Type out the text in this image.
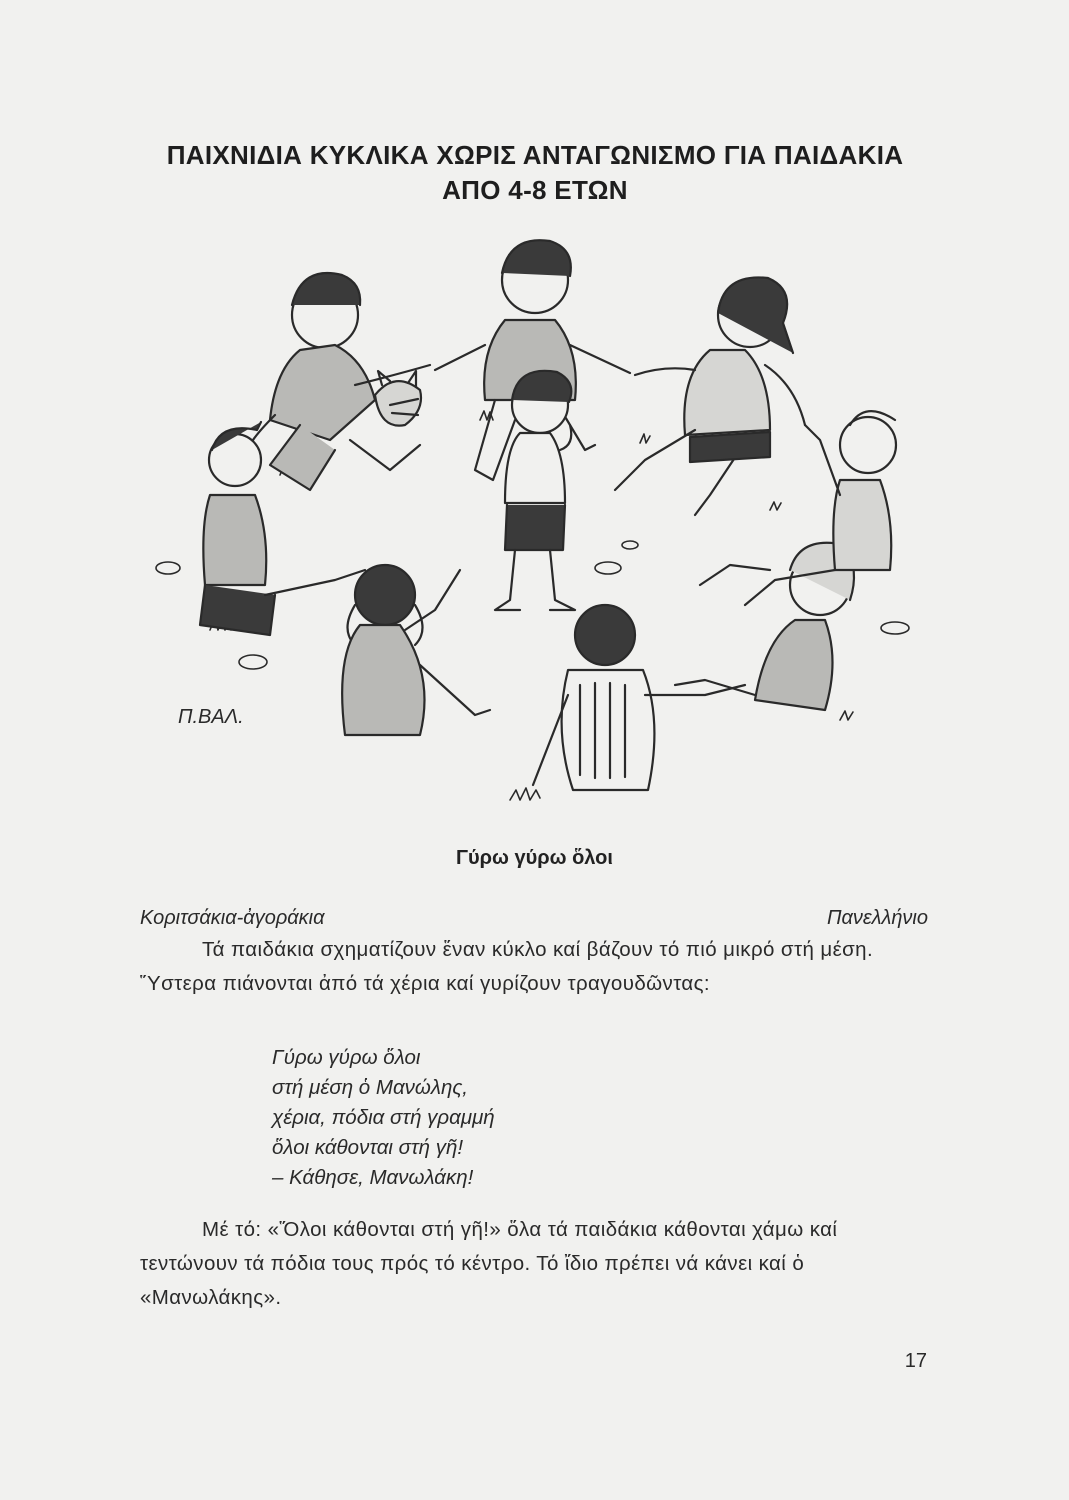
ΠΑΙΧΝΙΔΙΑ ΚΥΚΛΙΚΑ ΧΩΡΙΣ ΑΝΤΑΓΩΝΙΣΜΟ ΓΙΑ ΠΑΙΔΑΚΙΑ
ΑΠΟ 4-8 ΕΤΩΝ
Π.ΒΑΛ.
Γύρω γύρω ὅλοι
Κοριτσάκια-ἀγοράκια	Πανελλήνιο
Τά παιδάκια σχηματίζουν ἕναν κύκλο καί βάζουν τό πιό μικρό στή μέση. Ὕστερα πιάνονται ἀπό τά χέρια καί γυρίζουν τραγουδῶντας:
Γύρω γύρω ὅλοι
στή μέση ὁ Μανώλης,
χέρια, πόδια στή γραμμή
ὅλοι κάθονται στή γῆ!
– Κάθησε, Μανωλάκη!
Μέ τό: «Ὅλοι κάθονται στή γῆ!» ὅλα τά παιδάκια κάθονται χάμω καί τεντώνουν τά πόδια τους πρός τό κέντρο. Τό ἴδιο πρέπει νά κάνει καί ὁ «Μανωλάκης».
17
